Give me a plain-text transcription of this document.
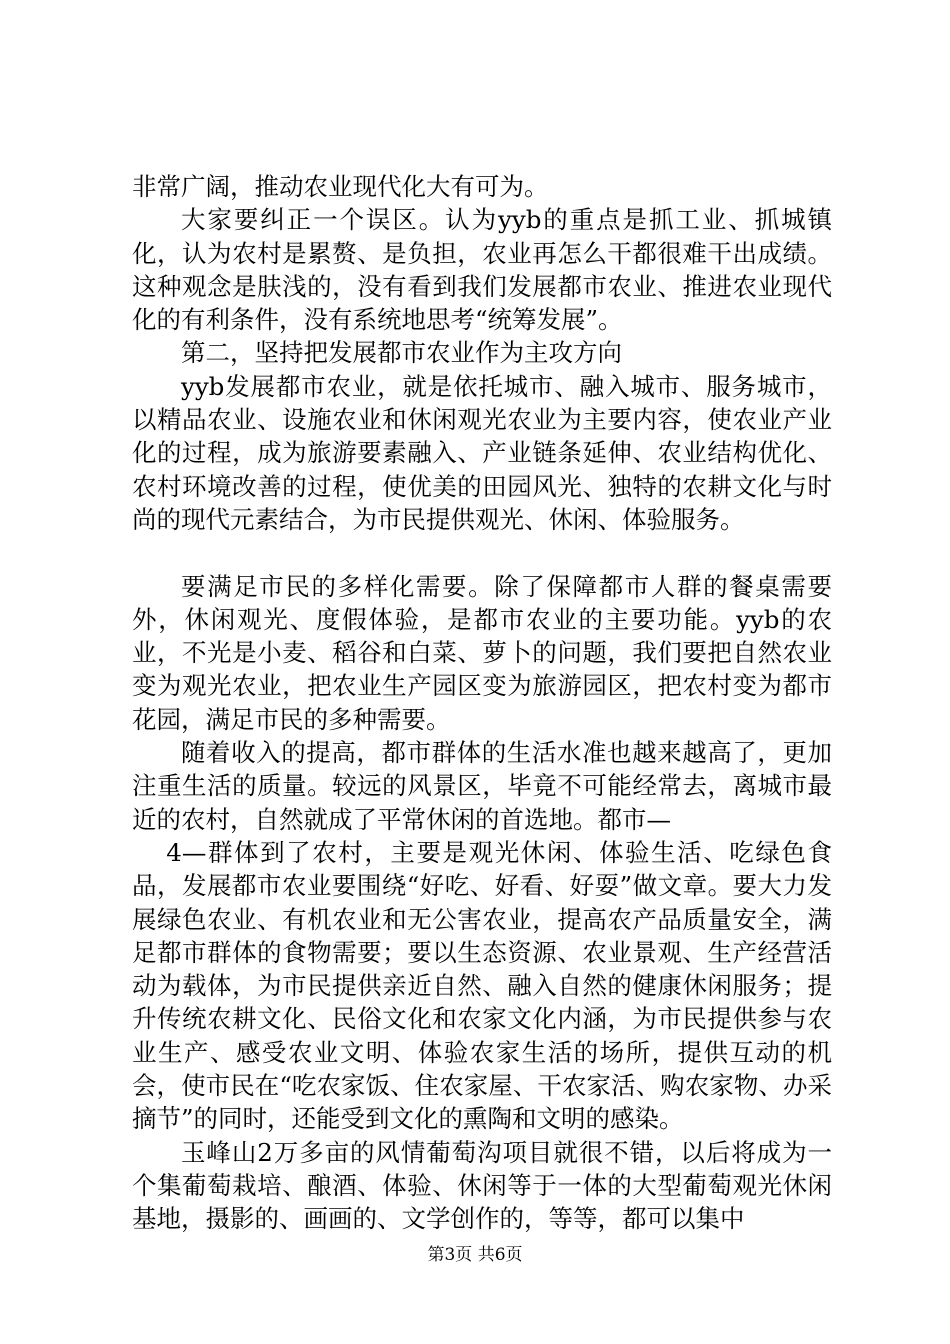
非常广阔，推动农业现代化大有可为。

大家要纠正一个误区。认为yyb的重点是抓工业、抓城镇化，认为农村是累赘、是负担，农业再怎么干都很难干出成绩。这种观念是肤浅的，没有看到我们发展都市农业、推进农业现代化的有利条件，没有系统地思考“统筹发展”。

第二，坚持把发展都市农业作为主攻方向

yyb发展都市农业，就是依托城市、融入城市、服务城市，以精品农业、设施农业和休闲观光农业为主要内容，使农业产业化的过程，成为旅游要素融入、产业链条延伸、农业结构优化、农村环境改善的过程，使优美的田园风光、独特的农耕文化与时尚的现代元素结合，为市民提供观光、休闲、体验服务。

要满足市民的多样化需要。除了保障都市人群的餐桌需要外，休闲观光、度假体验，是都市农业的主要功能。yyb的农业，不光是小麦、稻谷和白菜、萝卜的问题，我们要把自然农业变为观光农业，把农业生产园区变为旅游园区，把农村变为都市花园，满足市民的多种需要。

随着收入的提高，都市群体的生活水准也越来越高了，更加注重生活的质量。较远的风景区，毕竟不可能经常去，离城市最近的农村，自然就成了平常休闲的首选地。都市—

4—群体到了农村，主要是观光休闲、体验生活、吃绿色食品，发展都市农业要围绕“好吃、好看、好耍”做文章。要大力发展绿色农业、有机农业和无公害农业，提高农产品质量安全，满足都市群体的食物需要；要以生态资源、农业景观、生产经营活动为载体，为市民提供亲近自然、融入自然的健康休闲服务；提升传统农耕文化、民俗文化和农家文化内涵，为市民提供参与农业生产、感受农业文明、体验农家生活的场所，提供互动的机会，使市民在“吃农家饭、住农家屋、干农家活、购农家物、办采摘节”的同时，还能受到文化的熏陶和文明的感染。

玉峰山2万多亩的风情葡萄沟项目就很不错，以后将成为一个集葡萄栽培、酿酒、体验、休闲等于一体的大型葡萄观光休闲基地，摄影的、画画的、文学创作的，等等，都可以集中

第3页 共6页
